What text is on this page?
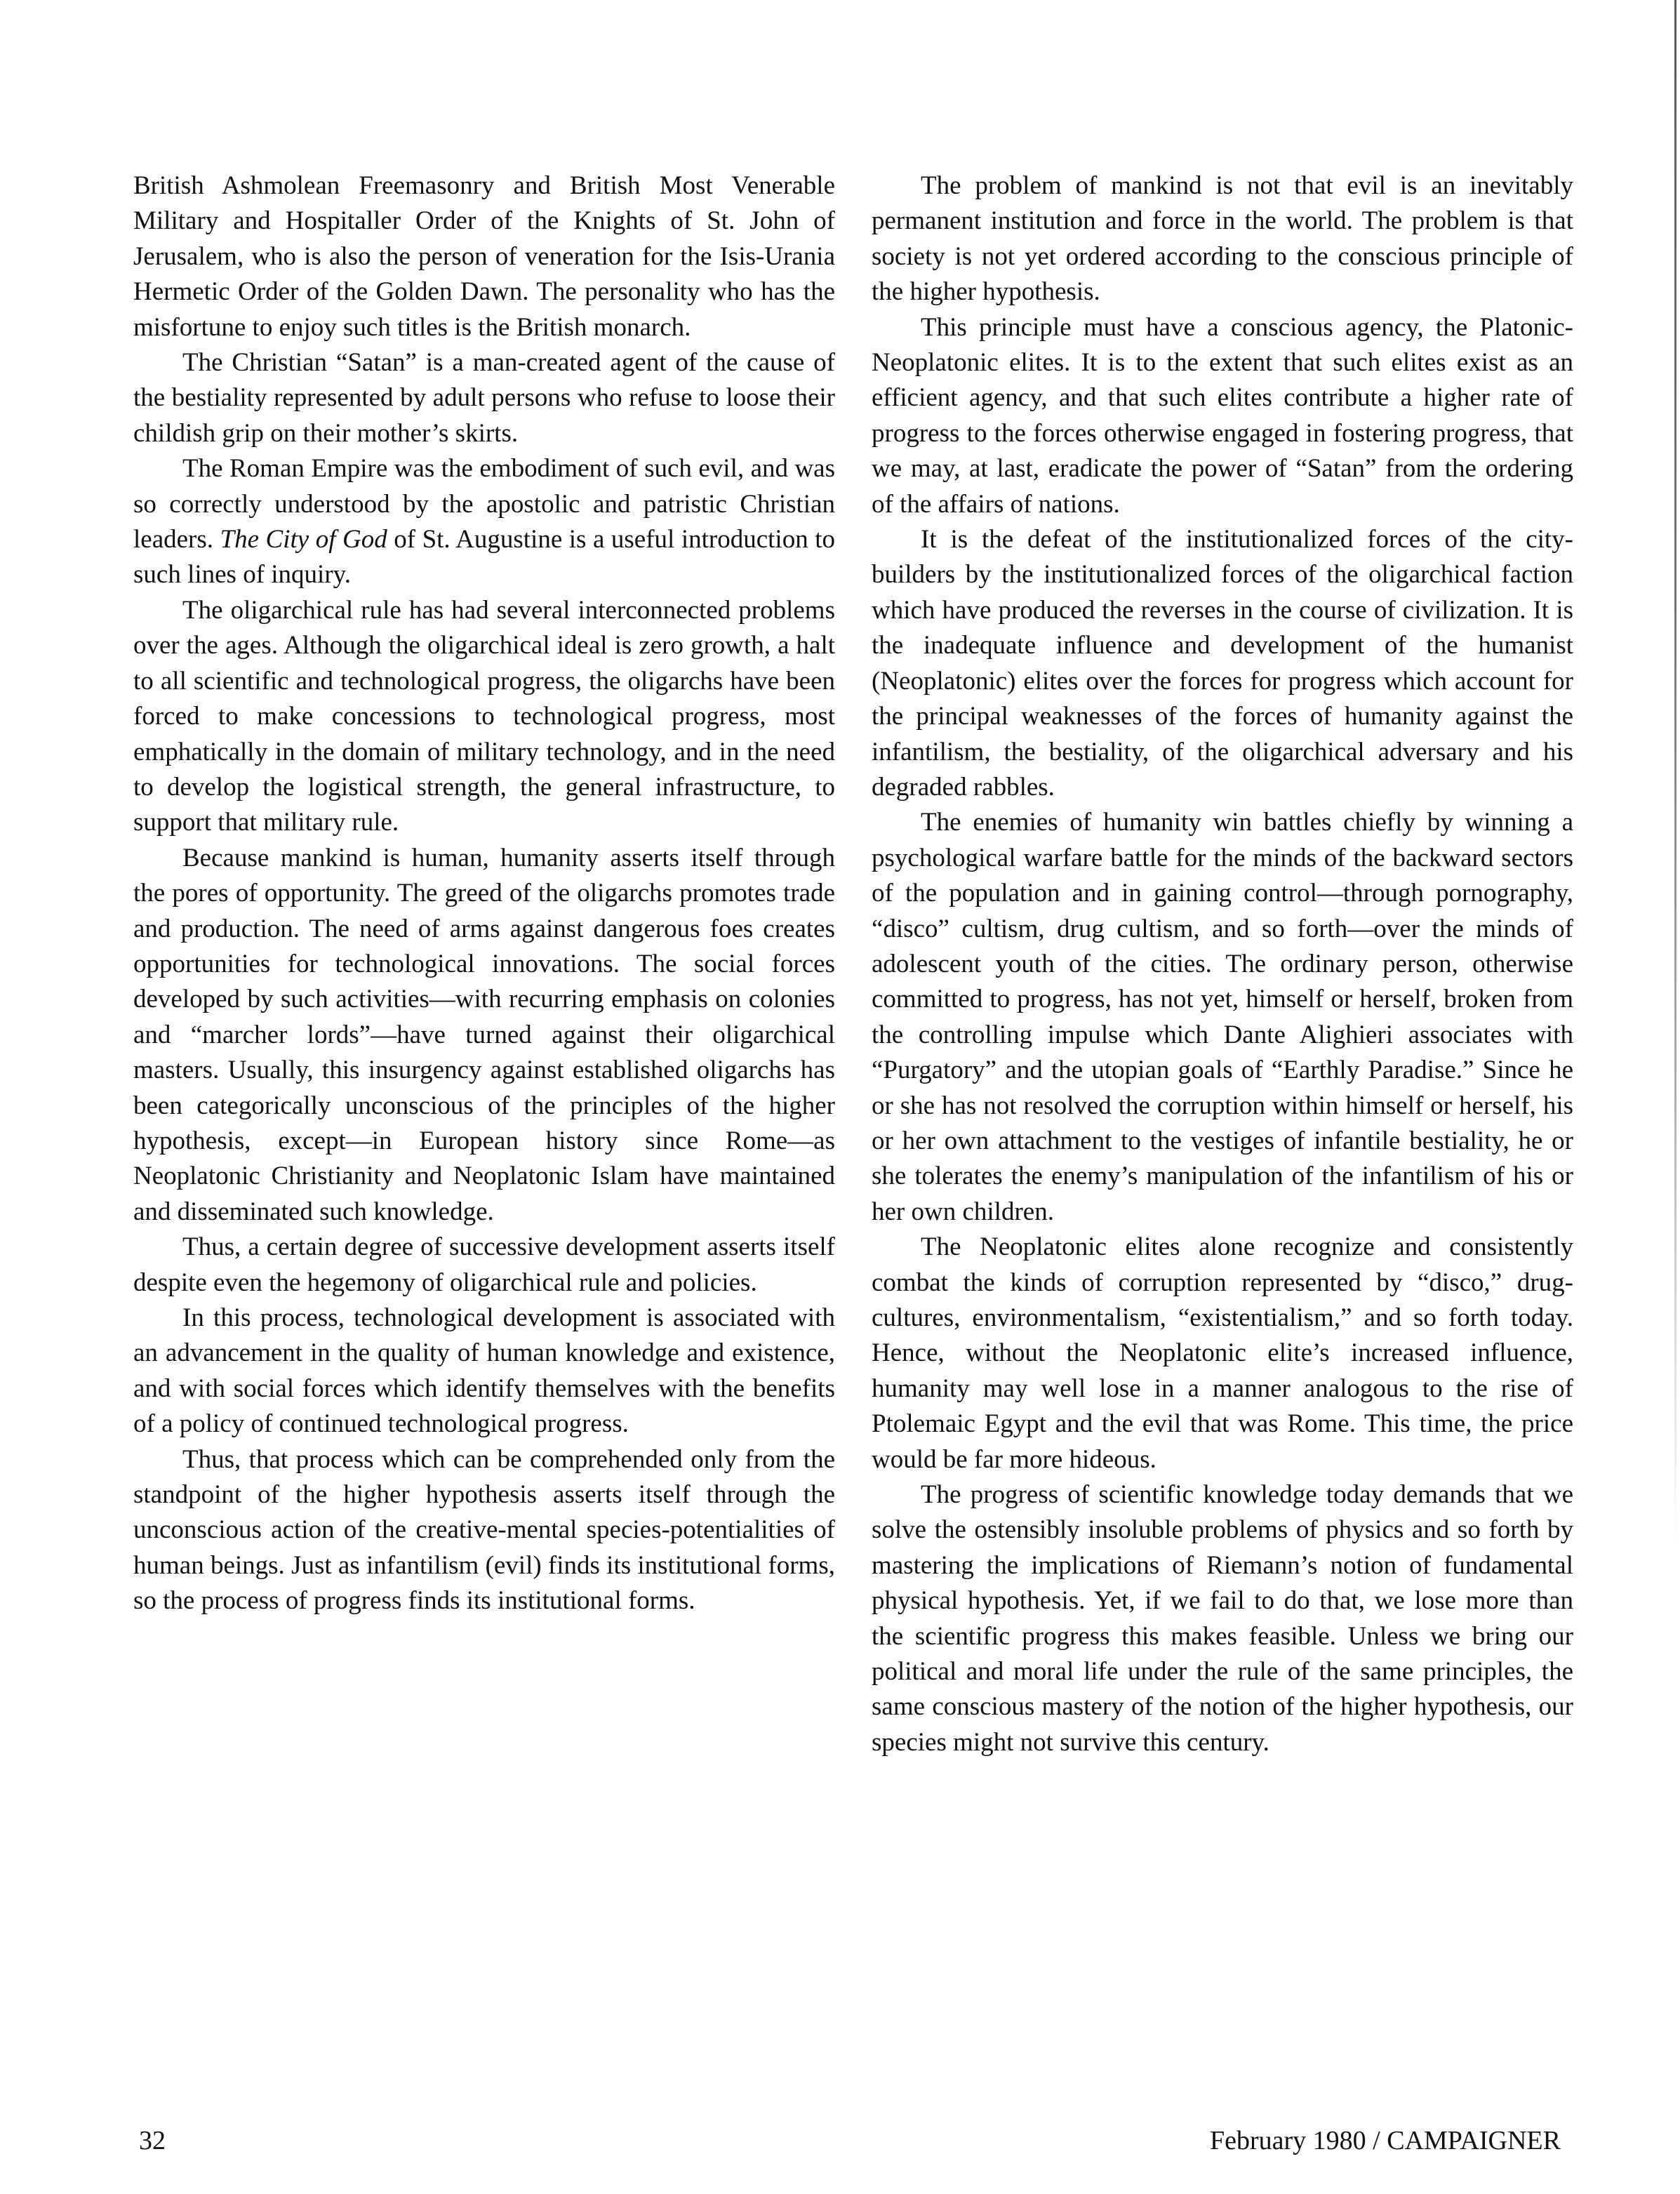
British Ashmolean Freemasonry and British Most Venerable Military and Hospitaller Order of the Knights of St. John of Jerusalem, who is also the person of veneration for the Isis-Urania Hermetic Order of the Golden Dawn. The personality who has the misfortune to enjoy such titles is the British monarch.

The Christian “Satan” is a man-created agent of the cause of the bestiality represented by adult persons who refuse to loose their childish grip on their mother’s skirts.

The Roman Empire was the embodiment of such evil, and was so correctly understood by the apostolic and patristic Christian leaders. The City of God of St. Augustine is a useful introduction to such lines of inquiry.

The oligarchical rule has had several interconnected problems over the ages. Although the oligarchical ideal is zero growth, a halt to all scientific and technological progress, the oligarchs have been forced to make concessions to technological progress, most emphatically in the domain of military technology, and in the need to develop the logistical strength, the general infrastructure, to support that military rule.

Because mankind is human, humanity asserts itself through the pores of opportunity. The greed of the oligarchs promotes trade and production. The need of arms against dangerous foes creates opportunities for technological innovations. The social forces developed by such activities—with recurring emphasis on colonies and “marcher lords”—have turned against their oligarchical masters. Usually, this insurgency against established oligarchs has been categorically unconscious of the principles of the higher hypothesis, except—in European history since Rome—as Neoplatonic Christianity and Neoplatonic Islam have maintained and disseminated such knowledge.

Thus, a certain degree of successive development asserts itself despite even the hegemony of oligarchical rule and policies.

In this process, technological development is associated with an advancement in the quality of human knowledge and existence, and with social forces which identify themselves with the benefits of a policy of continued technological progress.

Thus, that process which can be comprehended only from the standpoint of the higher hypothesis asserts itself through the unconscious action of the creative-mental species-potentialities of human beings. Just as infantilism (evil) finds its institutional forms, so the process of progress finds its institutional forms.

The problem of mankind is not that evil is an inevitably permanent institution and force in the world. The problem is that society is not yet ordered according to the conscious principle of the higher hypothesis.

This principle must have a conscious agency, the Platonic-Neoplatonic elites. It is to the extent that such elites exist as an efficient agency, and that such elites contribute a higher rate of progress to the forces otherwise engaged in fostering progress, that we may, at last, eradicate the power of “Satan” from the ordering of the affairs of nations.

It is the defeat of the institutionalized forces of the city-builders by the institutionalized forces of the oligarchical faction which have produced the reverses in the course of civilization. It is the inadequate influence and development of the humanist (Neoplatonic) elites over the forces for progress which account for the principal weaknesses of the forces of humanity against the infantilism, the bestiality, of the oligarchical adversary and his degraded rabbles.

The enemies of humanity win battles chiefly by winning a psychological warfare battle for the minds of the backward sectors of the population and in gaining control—through pornography, “disco” cultism, drug cultism, and so forth—over the minds of adolescent youth of the cities. The ordinary person, otherwise committed to progress, has not yet, himself or herself, broken from the controlling impulse which Dante Alighieri associates with “Purgatory” and the utopian goals of “Earthly Paradise.” Since he or she has not resolved the corruption within himself or herself, his or her own attachment to the vestiges of infantile bestiality, he or she tolerates the enemy’s manipulation of the infantilism of his or her own children.

The Neoplatonic elites alone recognize and consistently combat the kinds of corruption represented by “disco,” drug-cultures, environmentalism, “existentialism,” and so forth today. Hence, without the Neoplatonic elite’s increased influence, humanity may well lose in a manner analogous to the rise of Ptolemaic Egypt and the evil that was Rome. This time, the price would be far more hideous.

The progress of scientific knowledge today demands that we solve the ostensibly insoluble problems of physics and so forth by mastering the implications of Riemann’s notion of fundamental physical hypothesis. Yet, if we fail to do that, we lose more than the scientific progress this makes feasible. Unless we bring our political and moral life under the rule of the same principles, the same conscious mastery of the notion of the higher hypothesis, our species might not survive this century.

32	February 1980 / CAMPAIGNER
